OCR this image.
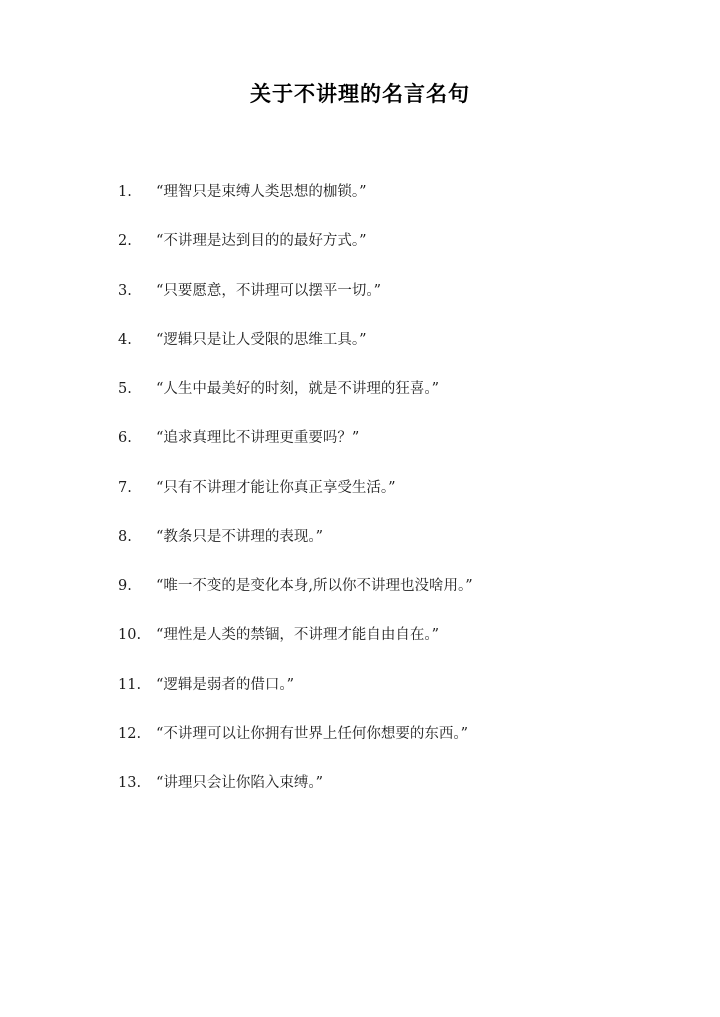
关于不讲理的名言名句
1.	“理智只是束缚人类思想的枷锁。”
2.	“不讲理是达到目的的最好方式。”
3.	“只要愿意，不讲理可以摆平一切。”
4.	“逻辑只是让人受限的思维工具。”
5.	“人生中最美好的时刻，就是不讲理的狂喜。”
6.	“追求真理比不讲理更重要吗？”
7.	“只有不讲理才能让你真正享受生活。”
8.	“教条只是不讲理的表现。”
9.	“唯一不变的是变化本身,所以你不讲理也没啥用。”
10.	“理性是人类的禁锢，不讲理才能自由自在。”
11.	“逻辑是弱者的借口。”
12.	“不讲理可以让你拥有世界上任何你想要的东西。”
13.	“讲理只会让你陷入束缚。”
